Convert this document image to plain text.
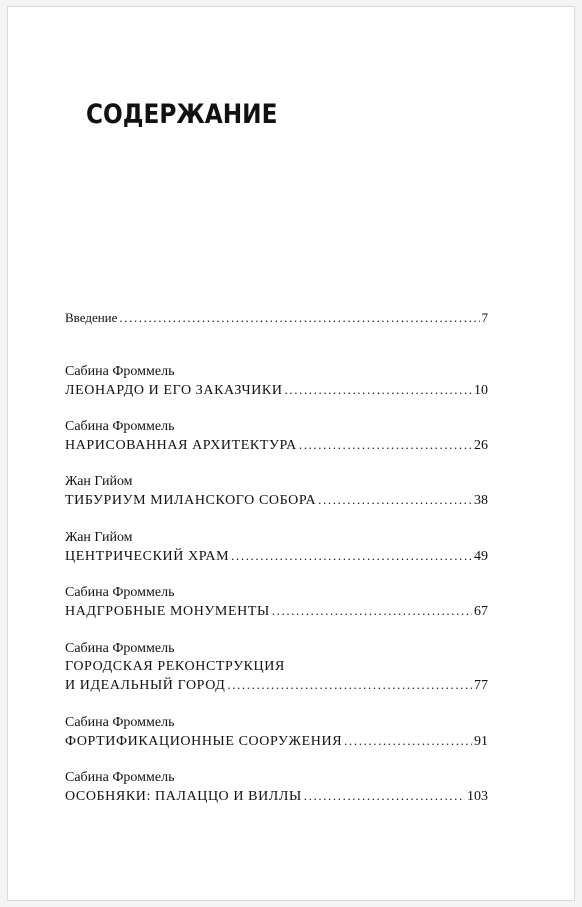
СОДЕРЖАНИЕ
Введение .....	7
Сабина Фроммель
ЛЕОНАРДО И ЕГО ЗАКАЗЧИКИ .....	10
Сабина Фроммель
НАРИСОВАННАЯ АРХИТЕКТУРА .....	26
Жан Гийом
ТИБУРИУМ МИЛАНСКОГО СОБОРА .....	38
Жан Гийом
ЦЕНТРИЧЕСКИЙ ХРАМ .....	49
Сабина Фроммель
НАДГРОБНЫЕ МОНУМЕНТЫ .....	67
Сабина Фроммель
ГОРОДСКАЯ РЕКОНСТРУКЦИЯ
И ИДЕАЛЬНЫЙ ГОРОД .....	77
Сабина Фроммель
ФОРТИФИКАЦИОННЫЕ СООРУЖЕНИЯ .....	91
Сабина Фроммель
ОСОБНЯКИ: ПАЛАЦЦО И ВИЛЛЫ .....	103
